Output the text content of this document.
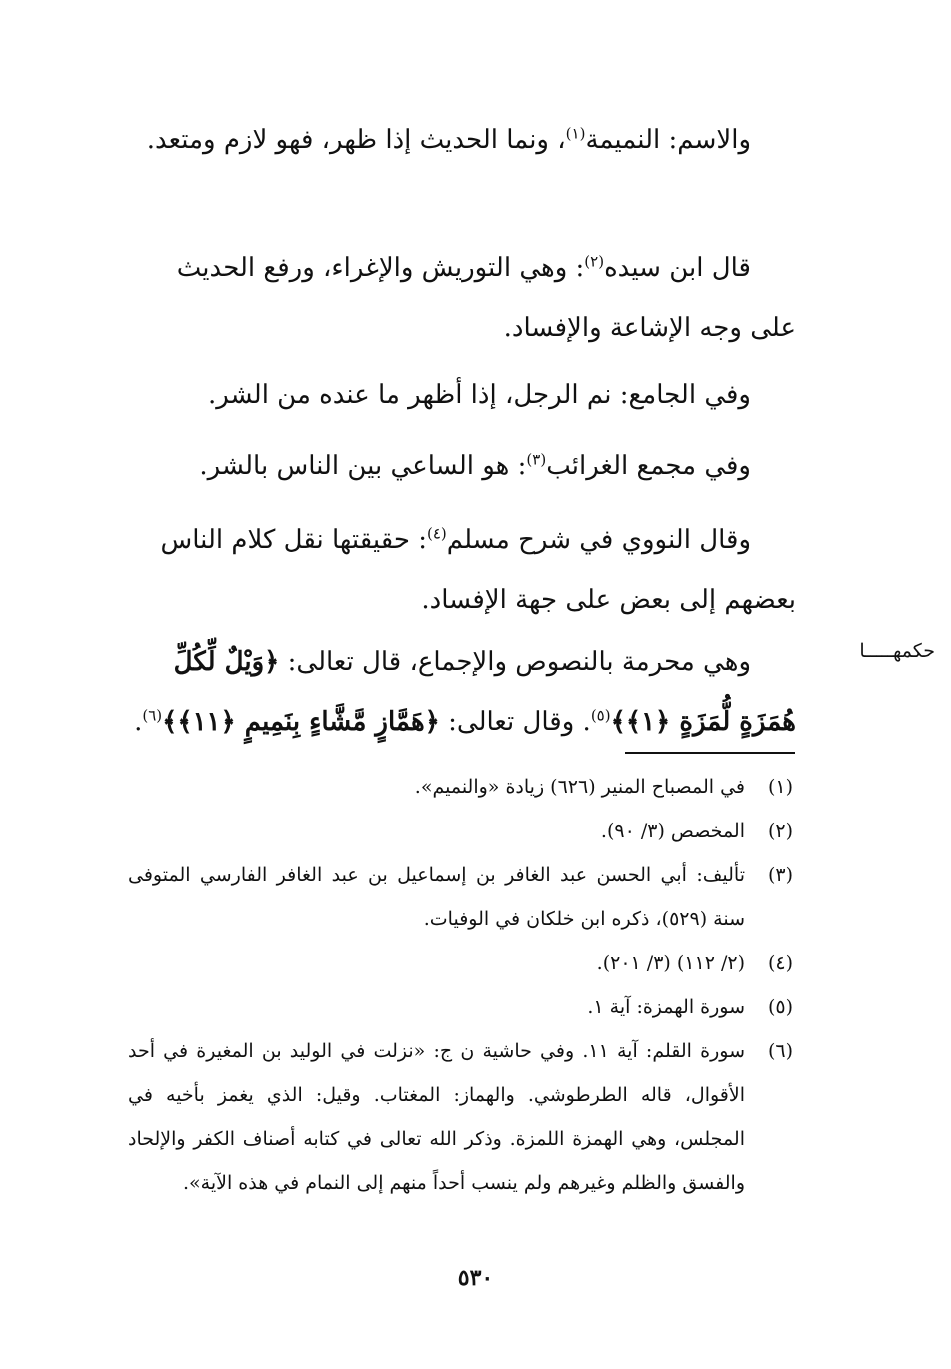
والاسم: النميمة$^{(١)}$، ونما الحديث إذا ظهر، فهو لازم ومتعد.

قال ابن سيده$^{(٢)}$: وهي التوريش والإغراء، ورفع الحديث على وجه الإشاعة والإفساد.

وفي الجامع: نم الرجل، إذا أظهر ما عنده من الشر.

وفي مجمع الغرائب$^{(٣)}$: هو الساعي بين الناس بالشر.

وقال النووي في شرح مسلم$^{(٤)}$: حقيقتها نقل كلام الناس بعضهم إلى بعض على جهة الإفساد.

حكمهـــــا

وهي محرمة بالنصوص والإجماع، قال تعالى: ﴿وَيْلٌ لِّكُلِّ هُمَزَةٍ لُّمَزَةٍ ﴿١﴾﴾$^{(٥)}$. وقال تعالى: ﴿هَمَّازٍ مَّشَّاءٍ بِنَمِيمٍ ﴿١١﴾﴾$^{(٦)}$.

(١)
في المصباح المنير (٦٢٦) زيادة «والنميم».
(٢)
المخصص (٣/ ٩٠).
(٣)
تأليف: أبي الحسن عبد الغافر بن إسماعيل بن عبد الغافر الفارسي المتوفى سنة (٥٢٩)، ذكره ابن خلكان في الوفيات.
(٤)
(٢/ ١١٢) (٣/ ٢٠١).
(٥)
سورة الهمزة: آية ١.
(٦)
سورة القلم: آية ١١. وفي حاشية ن ج: «نزلت في الوليد بن المغيرة في أحد الأقوال، قاله الطرطوشي. والهماز: المغتاب. وقيل: الذي يغمز بأخيه في المجلس، وهي الهمزة اللمزة. وذكر الله تعالى في كتابه أصناف الكفر والإلحاد والفسق والظلم وغيرهم ولم ينسب أحداً منهم إلى النمام في هذه الآية».
٥٣٠
